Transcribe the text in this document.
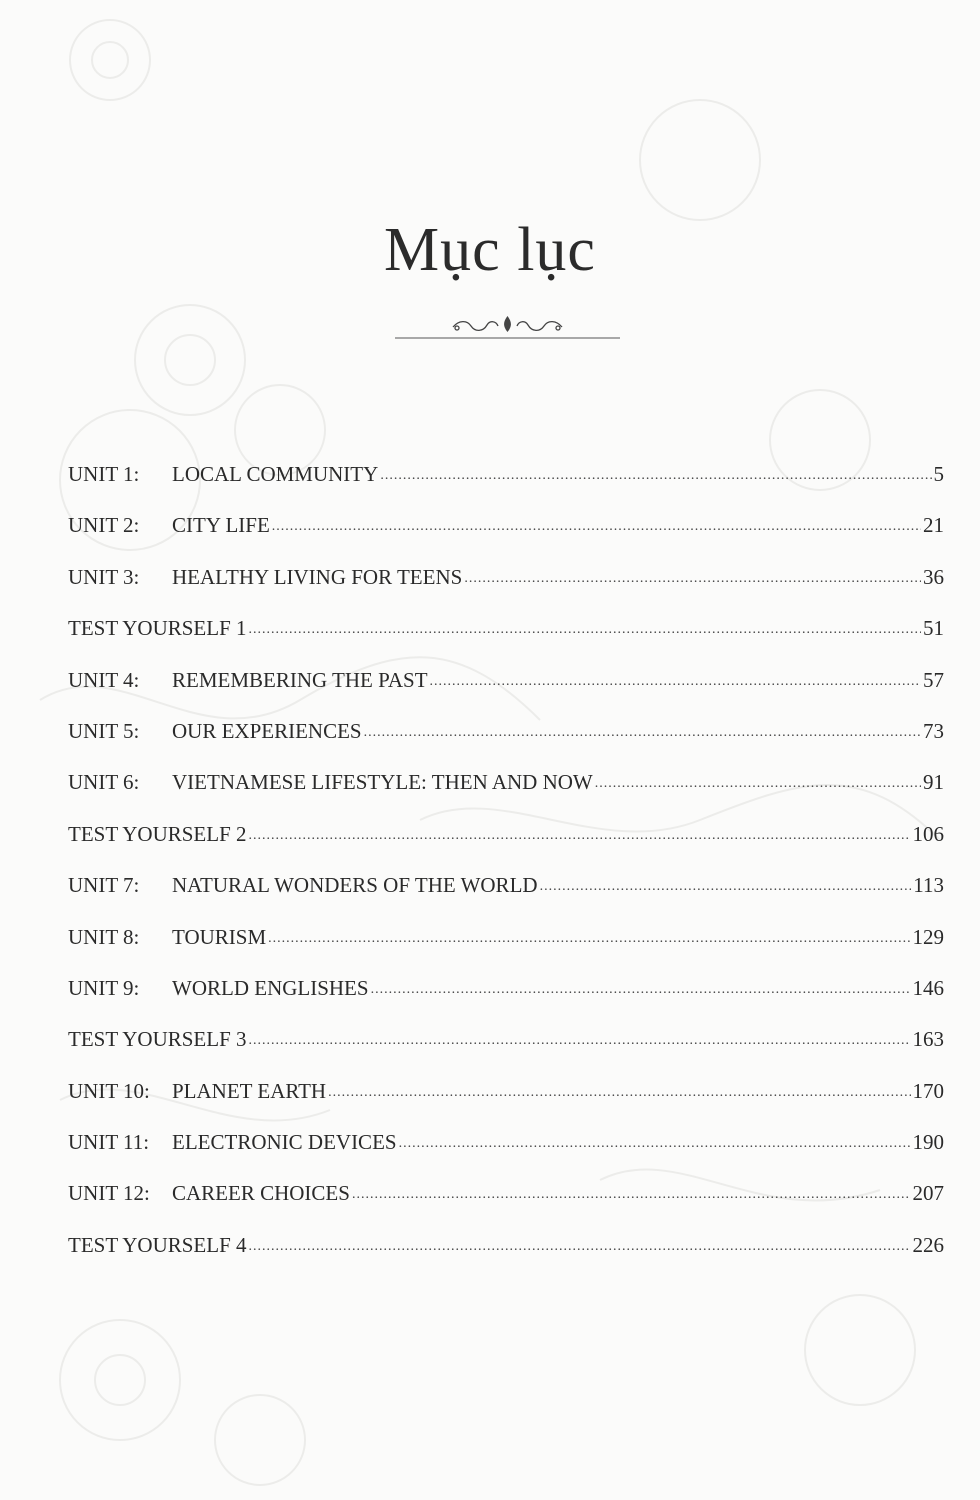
Mục lục
UNIT 1:	LOCAL COMMUNITY .....	5
UNIT 2:	CITY LIFE .....	21
UNIT 3:	HEALTHY LIVING FOR TEENS .....	36
TEST YOURSELF 1 .....	51
UNIT 4:	REMEMBERING THE PAST .....	57
UNIT 5:	OUR EXPERIENCES .....	73
UNIT 6:	VIETNAMESE LIFESTYLE: THEN AND NOW .....	91
TEST YOURSELF 2 .....	106
UNIT 7:	NATURAL WONDERS OF THE WORLD .....	113
UNIT 8:	TOURISM .....	129
UNIT 9:	WORLD ENGLISHES .....	146
TEST YOURSELF 3 .....	163
UNIT 10:	PLANET EARTH .....	170
UNIT 11:	ELECTRONIC DEVICES .....	190
UNIT 12:	CAREER CHOICES .....	207
TEST YOURSELF 4 .....	226
